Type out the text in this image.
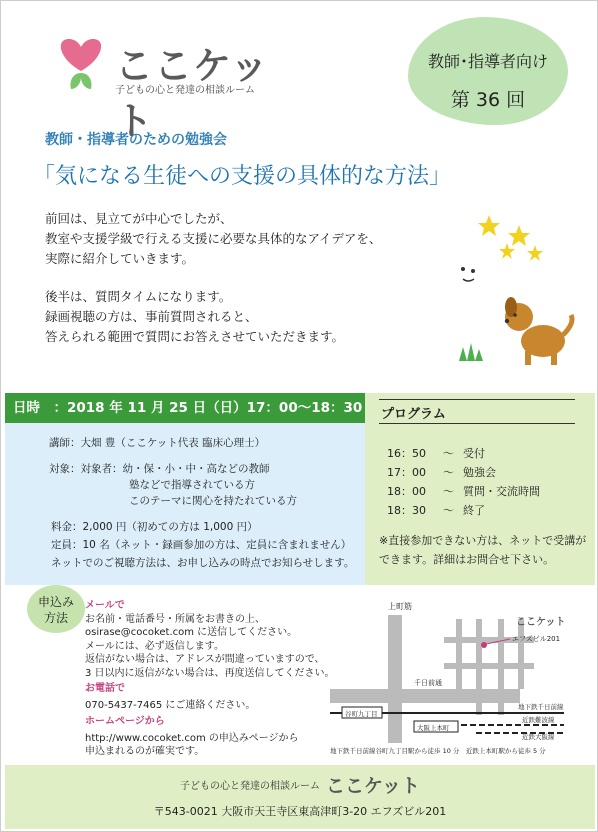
ここケット
子どもの心と発達の相談ルーム
教師･指導者向け
第 36 回
教師・指導者のための勉強会
「気になる生徒への支援の具体的な方法」

前回は、見立てが中心でしたが、

教室や支援学級で行える支援に必要な具体的なアイデアを、

実際に紹介していきます。

後半は、質問タイムになります。

録画視聴の方は、事前質問されると、

答えられる範囲で質問にお答えさせていただきます。

日時　：2018 年 11 月 25 日（日）17：00～18：30
講師：大畑 豊（ここケット代表 臨床心理士）
対象：対象者：幼・保・小・中・高などの教師
塾などで指導されている方
このテーマに関心を持たれている方
料金：2,000 円（初めての方は 1,000 円）
定員：10 名（ネット・録画参加の方は、定員に含まれません）
ネットでのご視聴方法は、お申し込みの時点でお知らせします。
プログラム
16：50 ～ 受付
17：00 ～ 勉強会
18：00 ～ 質問・交流時間
18：30 ～ 終了
※直接参加できない方は、ネットで受講ができます。詳細はお問合せ下さい。
申込み
方法

メールで

お名前・電話番号・所属をお書きの上、

osirase@cocoket.com に送信してください。

メールには、必ず返信します。

返信がない場合は、アドレスが間違っていますので、

3 日以内に返信がない場合は、再度送信してください。

お電話で

070-5437-7465 にご連絡ください。

ホームページから

http://www.cocoket.com の申込みページから

申込まれるのが確実です。

上町筋
ここケット
エフズビル201
千日前通
谷町九丁目
地下鉄千日前線
近鉄難波線
近鉄大阪線
大阪上本町
地下鉄千日前線谷町九丁目駅から徒歩 10 分　近鉄上本町駅から徒歩 5 分
子どもの心と発達の相談ルーム ここケット
〒543-0021 大阪市天王寺区東高津町3-20 エフズビル201
